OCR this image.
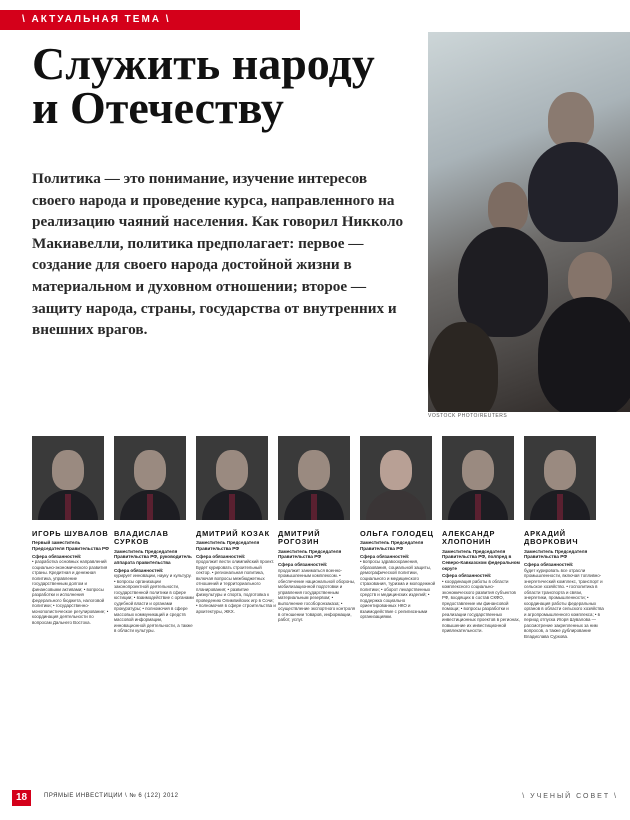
\ АКТУАЛЬНАЯ ТЕМА \
Служить народу
и Отечеству
VOSTOCK PHOTO/REUTERS

Политика — это понимание, изучение интересов своего народа и проведение курса, направленного на реализацию чаяний населения. Как говорил Никколо Макиавелли, политика предполагает: первое — создание для своего народа достойной жизни в материальном и духовном отношении; второе — защиту народа, страны, государства от внутренних и внешних врагов.

ИГОРЬ ШУВАЛОВ
Первый заместитель Председателя Правительства РФ
Сфера обязанностей:
• разработка основных направлений социально-экономического развития страны. Кредитная и денежная политика, управление государственным долгом и финансовыми активами; • вопросы разработки и исполнения федерального бюджета, налоговой политики; • государственно-монополистическое регулирование; • координация деятельности по вопросам Дальнего Востока.
ВЛАДИСЛАВ СУРКОВ
Заместитель Председателя Правительства РФ, руководитель аппарата правительства
Сфера обязанностей:
курирует инновации, науку и культуру. • вопросы организации законопроектной деятельности, государственной политики в сфере юстиции; • взаимодействие с органами судебной власти и органами прокуратуры; • полномочия в сфере массовых коммуникаций и средств массовой информации, инновационной деятельности, а также в области культуры.
ДМИТРИЙ КОЗАК
Заместитель Председателя Правительства РФ
Сфера обязанностей:
продолжит вести олимпийский проект. Будет курировать строительный сектор. • региональная политика, включая вопросы межбюджетных отношений и территориального планирования; • развитие физкультуры и спорта, подготовка к проведению Олимпийских игр в Сочи; • полномочия в сфере строительства и архитектуры, ЖКХ.
ДМИТРИЙ РОГОЗИН
Заместитель Председателя Правительства РФ
Сфера обязанностей:
продолжит заниматься военно-промышленным комплексом. • обеспечение национальной обороны, мобилизационной подготовки и управления государственным материальным резервом; • выполнение гособоронзаказа; • осуществление экспортного контроля в отношении товаров, информации, работ, услуг.
ОЛЬГА ГОЛОДЕЦ
Заместитель Председателя Правительства РФ
Сфера обязанностей:
• вопросы здравоохранения, образования, социальной защиты, демографической политики, социального и медицинского страхования, туризма и молодежной политики; • оборот лекарственных средств и медицинских изделий; • поддержка социально ориентированных НКО и взаимодействие с религиозными организациями.
АЛЕКСАНДР ХЛОПОНИН
Заместитель Председателя Правительства РФ, полпред в Северо-Кавказском федеральном округе
Сфера обязанностей:
• координация работы в области комплексного социально-экономического развития субъектов РФ, входящих в состав СКФО, предоставление им финансовой помощи; • вопросы разработки и реализации государственных инвестиционных проектов в регионах, повышение их инвестиционной привлекательности.
АРКАДИЙ ДВОРКОВИЧ
Заместитель Председателя Правительства РФ
Сфера обязанностей:
будет курировать все отрасли промышленности, включая топливно-энергетический комплекс, транспорт и сельское хозяйство. • госполитика в области транспорта и связи, энергетики, промышленности; • координация работы федеральных органов в области сельского хозяйства и агропромышленного комплекса; • в период отпуска Игоря Шувалова — рассмотрение закрепленных за ним вопросов, а также дублирование Владислава Суркова.
18	ПРЯМЫЕ ИНВЕСТИЦИИ \ № 6 (122) 2012	\ УЧЕНЫЙ СОВЕТ \
